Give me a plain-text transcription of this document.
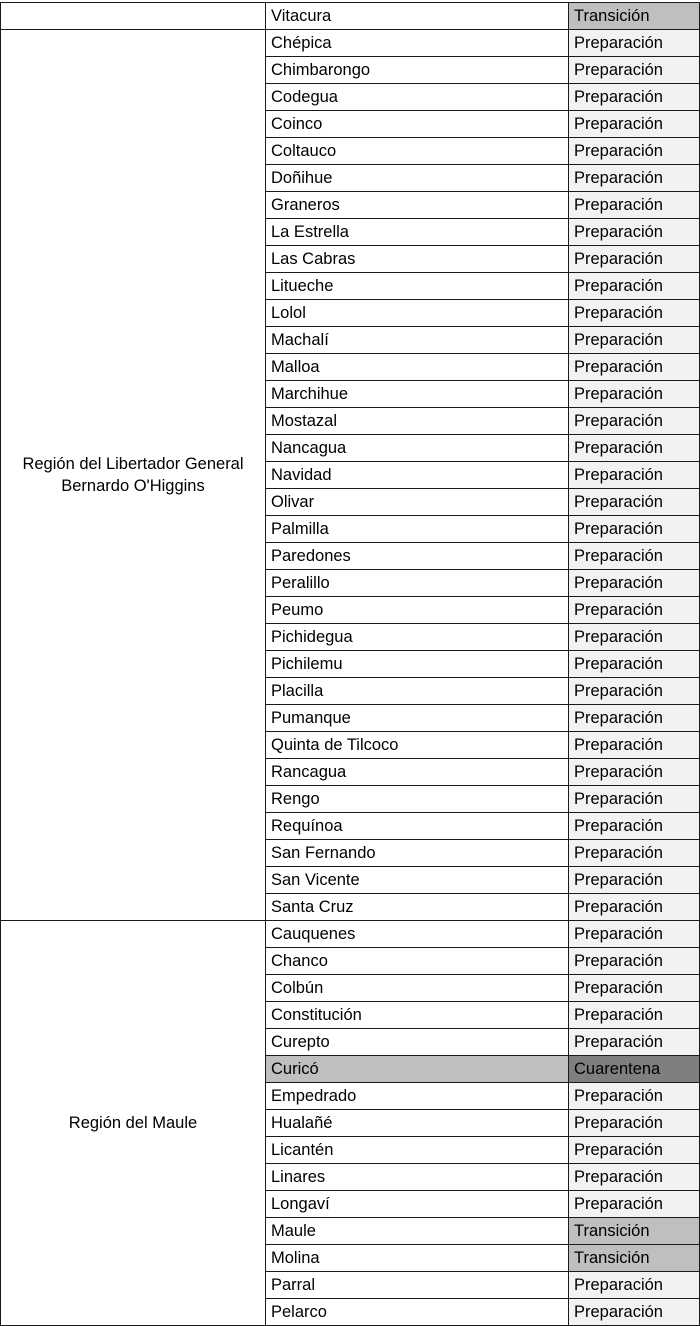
	Vitacura	Transición
Región del Libertador General Bernardo O'Higgins	Chépica	Preparación
	Chimbarongo	Preparación
	Codegua	Preparación
	Coinco	Preparación
	Coltauco	Preparación
	Doñihue	Preparación
	Graneros	Preparación
	La Estrella	Preparación
	Las Cabras	Preparación
	Litueche	Preparación
	Lolol	Preparación
	Machalí	Preparación
	Malloa	Preparación
	Marchihue	Preparación
	Mostazal	Preparación
	Nancagua	Preparación
	Navidad	Preparación
	Olivar	Preparación
	Palmilla	Preparación
	Paredones	Preparación
	Peralillo	Preparación
	Peumo	Preparación
	Pichidegua	Preparación
	Pichilemu	Preparación
	Placilla	Preparación
	Pumanque	Preparación
	Quinta de Tilcoco	Preparación
	Rancagua	Preparación
	Rengo	Preparación
	Requínoa	Preparación
	San Fernando	Preparación
	San Vicente	Preparación
	Santa Cruz	Preparación
Región del Maule	Cauquenes	Preparación
	Chanco	Preparación
	Colbún	Preparación
	Constitución	Preparación
	Curepto	Preparación
	Curicó	Cuarentena
	Empedrado	Preparación
	Hualañé	Preparación
	Licantén	Preparación
	Linares	Preparación
	Longaví	Preparación
	Maule	Transición
	Molina	Transición
	Parral	Preparación
	Pelarco	Preparación
